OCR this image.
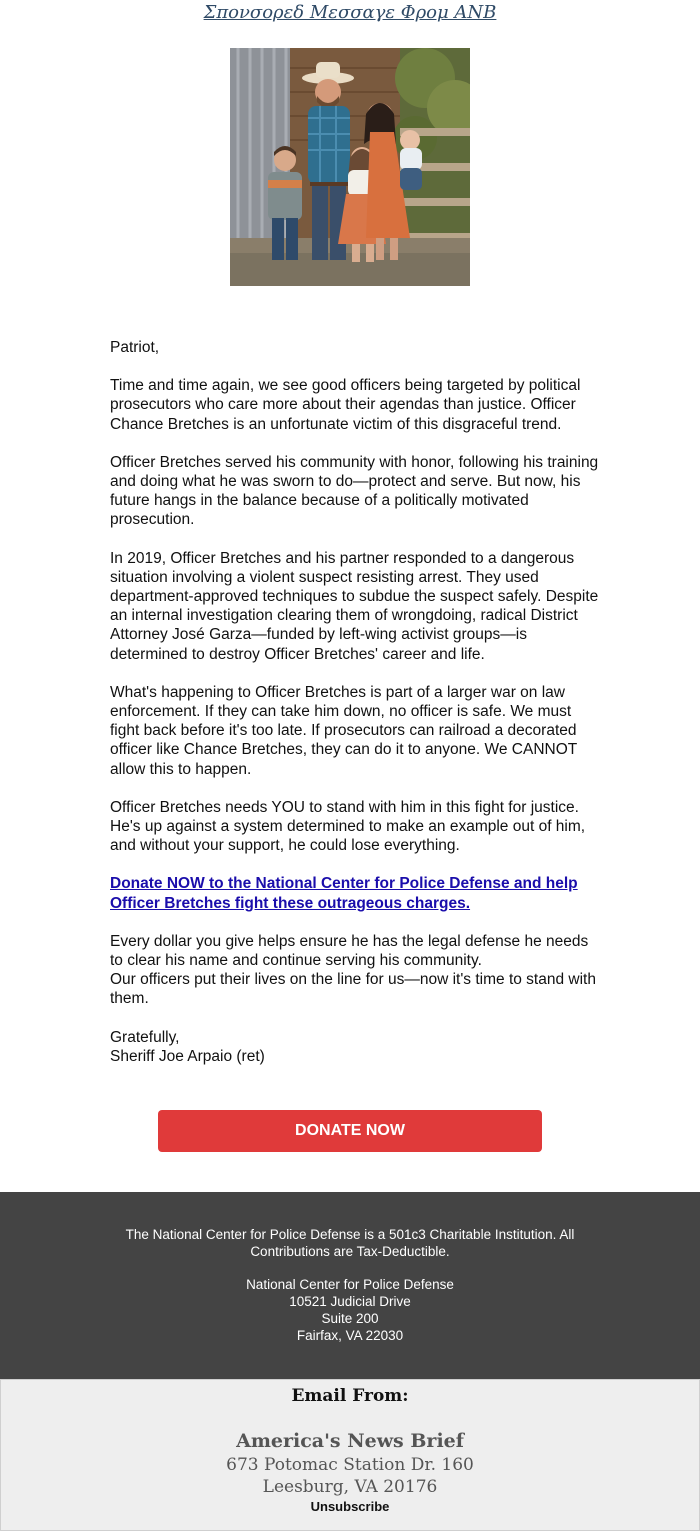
Σπονσορεδ Μεσσαγε Φρομ ΑΝΒ

Patriot,

Time and time again, we see good officers being targeted by political prosecutors who care more about their agendas than justice. Officer Chance Bretches is an unfortunate victim of this disgraceful trend.

Officer Bretches served his community with honor, following his training and doing what he was sworn to do—protect and serve. But now, his future hangs in the balance because of a politically motivated prosecution.

In 2019, Officer Bretches and his partner responded to a dangerous situation involving a violent suspect resisting arrest. They used department-approved techniques to subdue the suspect safely. Despite an internal investigation clearing them of wrongdoing, radical District Attorney José Garza—funded by left-wing activist groups—is determined to destroy Officer Bretches' career and life.

What's happening to Officer Bretches is part of a larger war on law enforcement. If they can take him down, no officer is safe. We must fight back before it's too late. If prosecutors can railroad a decorated officer like Chance Bretches, they can do it to anyone. We CANNOT allow this to happen.

Officer Bretches needs YOU to stand with him in this fight for justice. He's up against a system determined to make an example out of him, and without your support, he could lose everything.

Donate NOW to the National Center for Police Defense and help Officer Bretches fight these outrageous charges.

Every dollar you give helps ensure he has the legal defense he needs to clear his name and continue serving his community.

Our officers put their lives on the line for us—now it's time to stand with them.

Gratefully,

Sheriff Joe Arpaio (ret)

DONATE NOW
The National Center for Police Defense is a 501c3 Charitable Institution. All Contributions are Tax-Deductible.
National Center for Police Defense
10521 Judicial Drive
Suite 200
Fairfax, VA 22030
Email From:
America's News Brief
673 Potomac Station Dr. 160
Leesburg, VA 20176
Unsubscribe
